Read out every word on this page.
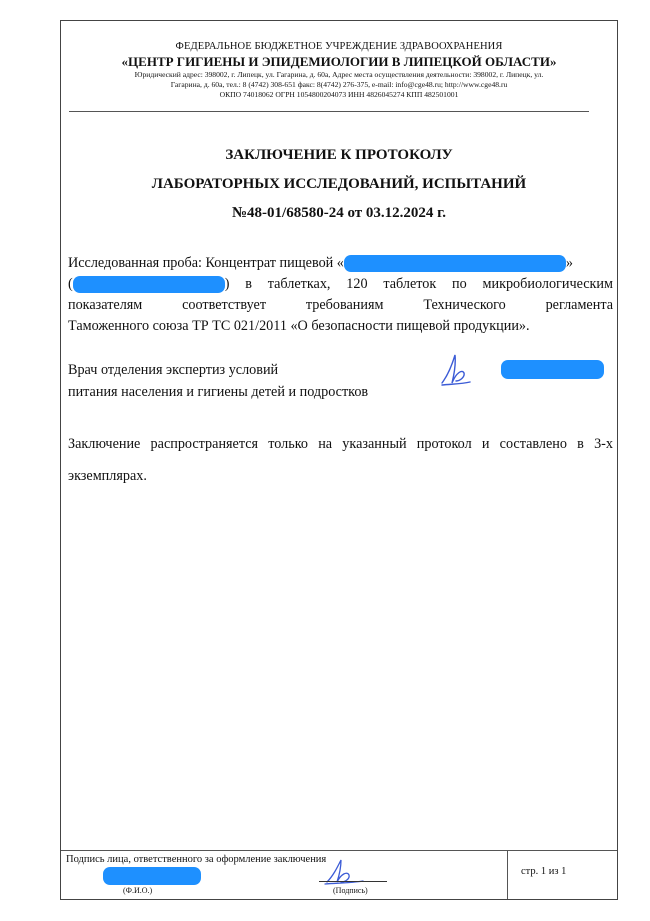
ФЕДЕРАЛЬНОЕ БЮДЖЕТНОЕ УЧРЕЖДЕНИЕ ЗДРАВООХРАНЕНИЯ
«ЦЕНТР ГИГИЕНЫ И ЭПИДЕМИОЛОГИИ В ЛИПЕЦКОЙ ОБЛАСТИ»
Юридический адрес: 398002, г. Липецк, ул. Гагарина, д. 60а, Адрес места осуществления деятельности: 398002, г. Липецк, ул.
Гагарина, д. 60а, тел.: 8 (4742) 308-651 факс: 8(4742) 276-375, e-mail: info@cge48.ru; http://www.cge48.ru
ОКПО 74018062 ОГРН 1054800204073 ИНН 4826045274 КПП 482501001
ЗАКЛЮЧЕНИЕ К ПРОТОКОЛУ
ЛАБОРАТОРНЫХ ИССЛЕДОВАНИЙ, ИСПЫТАНИЙ
№48-01/68580-24 от 03.12.2024 г.
Исследованная проба: Концентрат пищевой «	»
(	) в таблетках, 120 таблеток по микробиологическим
показателям соответствует требованиям Технического регламента
Таможенного союза ТР ТС 021/2011 «О безопасности пищевой продукции».
Врач отделения экспертиз условий
питания населения и гигиены детей и подростков
Заключение распространяется только на указанный протокол и составлено в 3-х экземплярах.
Подпись лица, ответственного за оформление заключения
(Ф.И.О.)	(Подпись)
стр. 1 из 1
